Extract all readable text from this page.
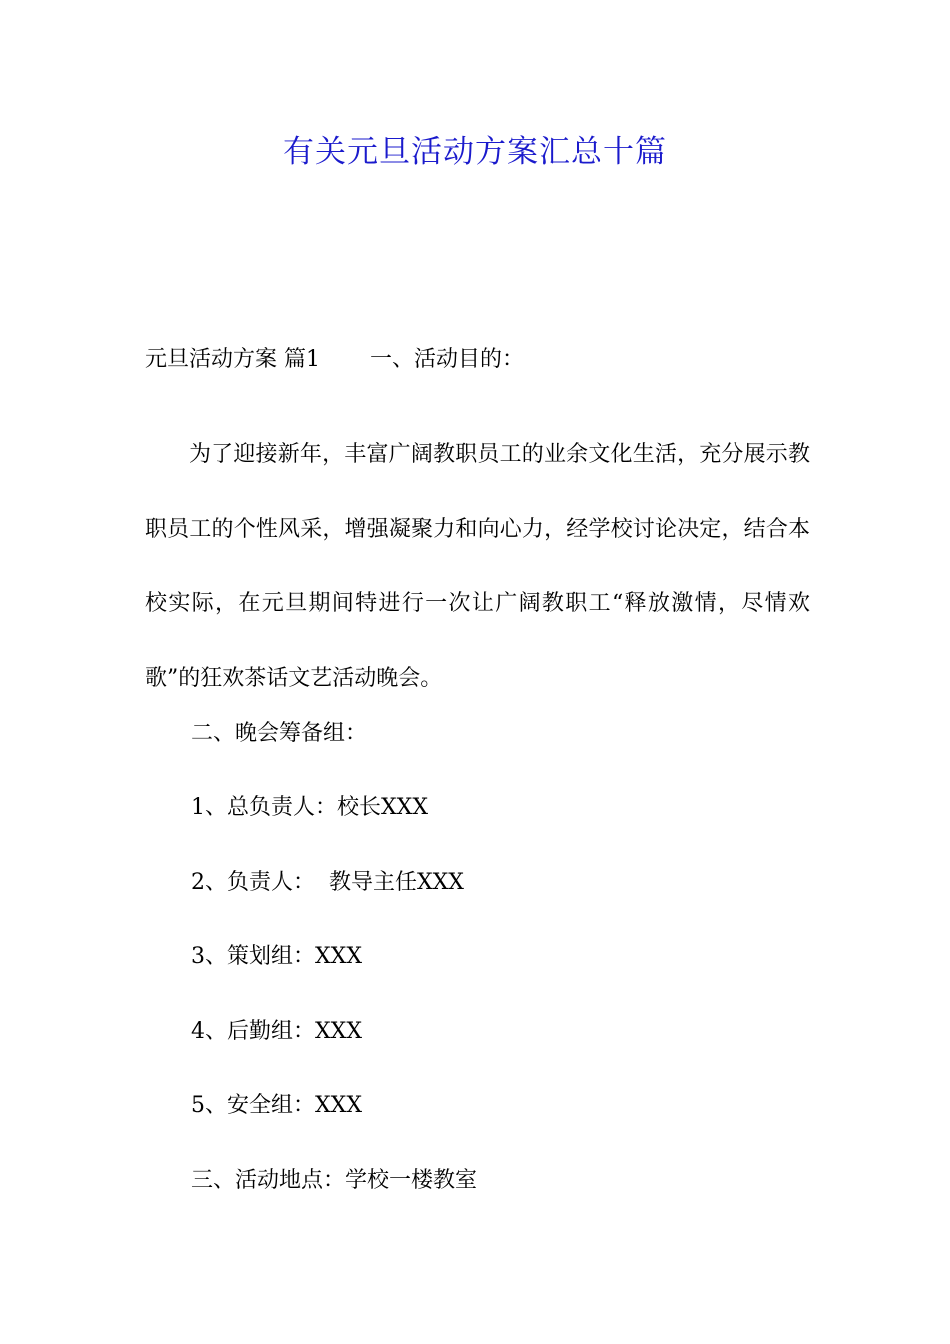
有关元旦活动方案汇总十篇
元旦活动方案 篇1 一、活动目的：

为了迎接新年，丰富广阔教职员工的业余文化生活，充分展示教职员工的个性风采，增强凝聚力和向心力，经学校讨论决定，结合本校实际，在元旦期间特进行一次让广阔教职工“释放激情，尽情欢歌”的狂欢茶话文艺活动晚会。

二、晚会筹备组：
1、总负责人：校长XXX
2、负责人：  教导主任XXX
3、策划组：XXX
4、后勤组：XXX
5、安全组：XXX
三、活动地点：学校一楼教室
